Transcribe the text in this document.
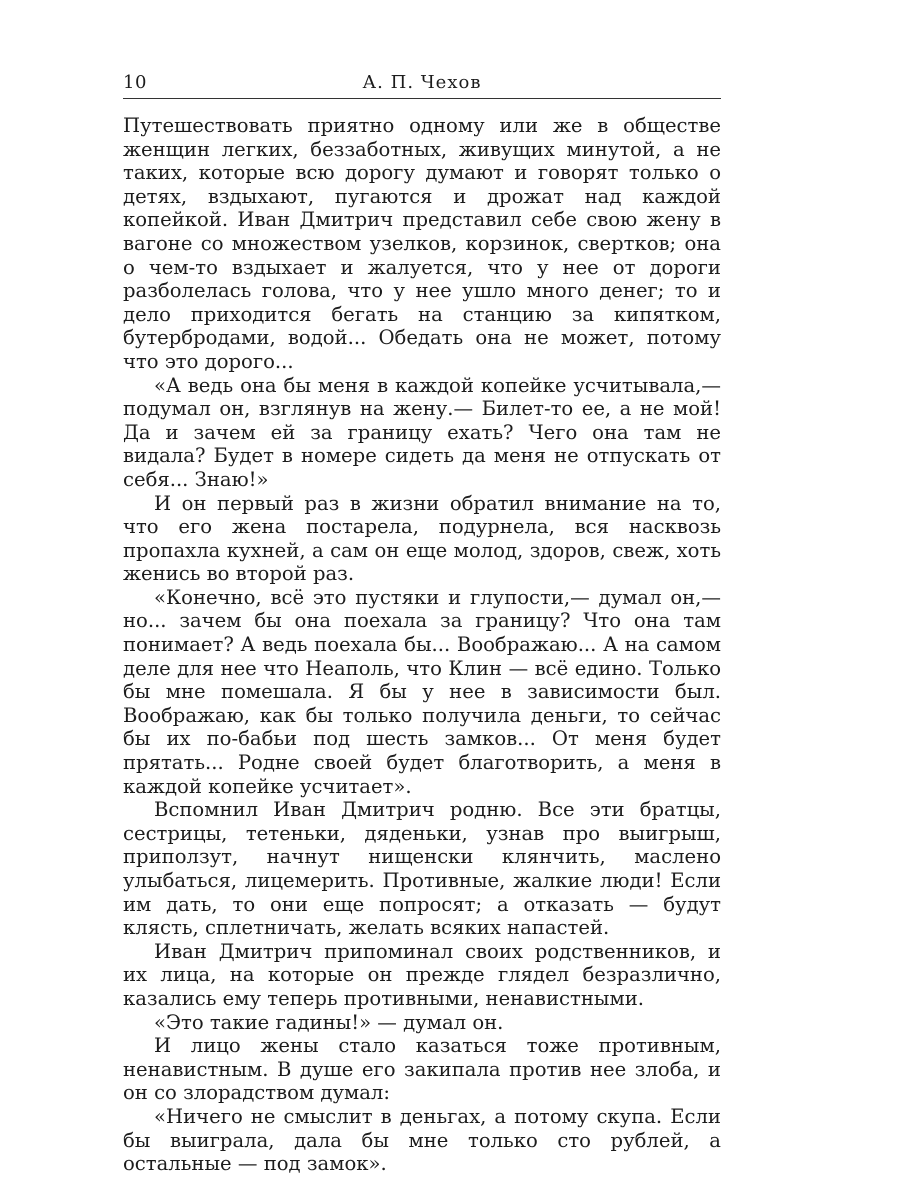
10	А. П. Чехов

Путешествовать приятно одному или же в обществе женщин легких, беззаботных, живущих минутой, а не таких, которые всю дорогу думают и говорят только о детях, вздыхают, пугаются и дрожат над каждой копейкой. Иван Дмитрич представил себе свою жену в вагоне со множеством узелков, корзинок, свертков; она о чем-то вздыхает и жалуется, что у нее от дороги разболелась голова, что у нее ушло много денег; то и дело приходится бегать на станцию за кипятком, бутербродами, водой... Обедать она не может, потому что это дорого...

«А ведь она бы меня в каждой копейке усчитывала,— подумал он, взглянув на жену.— Билет-то ее, а не мой! Да и зачем ей за границу ехать? Чего она там не видала? Будет в номере сидеть да меня не отпускать от себя... Знаю!»

И он первый раз в жизни обратил внимание на то, что его жена постарела, подурнела, вся насквозь пропахла кухней, а сам он еще молод, здоров, свеж, хоть женись во второй раз.

«Конечно, всё это пустяки и глупости,— думал он,— но... зачем бы она поехала за границу? Что она там понимает? А ведь поехала бы... Воображаю... А на самом деле для нее что Неаполь, что Клин — всё едино. Только бы мне помешала. Я бы у нее в зависимости был. Воображаю, как бы только получила деньги, то сейчас бы их по-бабьи под шесть замков... От меня будет прятать... Родне своей будет благотворить, а меня в каждой копейке усчитает».

Вспомнил Иван Дмитрич родню. Все эти братцы, сестрицы, тетеньки, дяденьки, узнав про выигрыш, приползут, начнут нищенски клянчить, маслено улыбаться, лицемерить. Противные, жалкие люди! Если им дать, то они еще попросят; а отказать — будут клясть, сплетничать, желать всяких напастей.

Иван Дмитрич припоминал своих родственников, и их лица, на которые он прежде глядел безразлично, казались ему теперь противными, ненавистными.

«Это такие гадины!» — думал он.

И лицо жены стало казаться тоже противным, ненавистным. В душе его закипала против нее злоба, и он со злорадством думал:

«Ничего не смыслит в деньгах, а потому скупа. Если бы выиграла, дала бы мне только сто рублей, а остальные — под замок».
